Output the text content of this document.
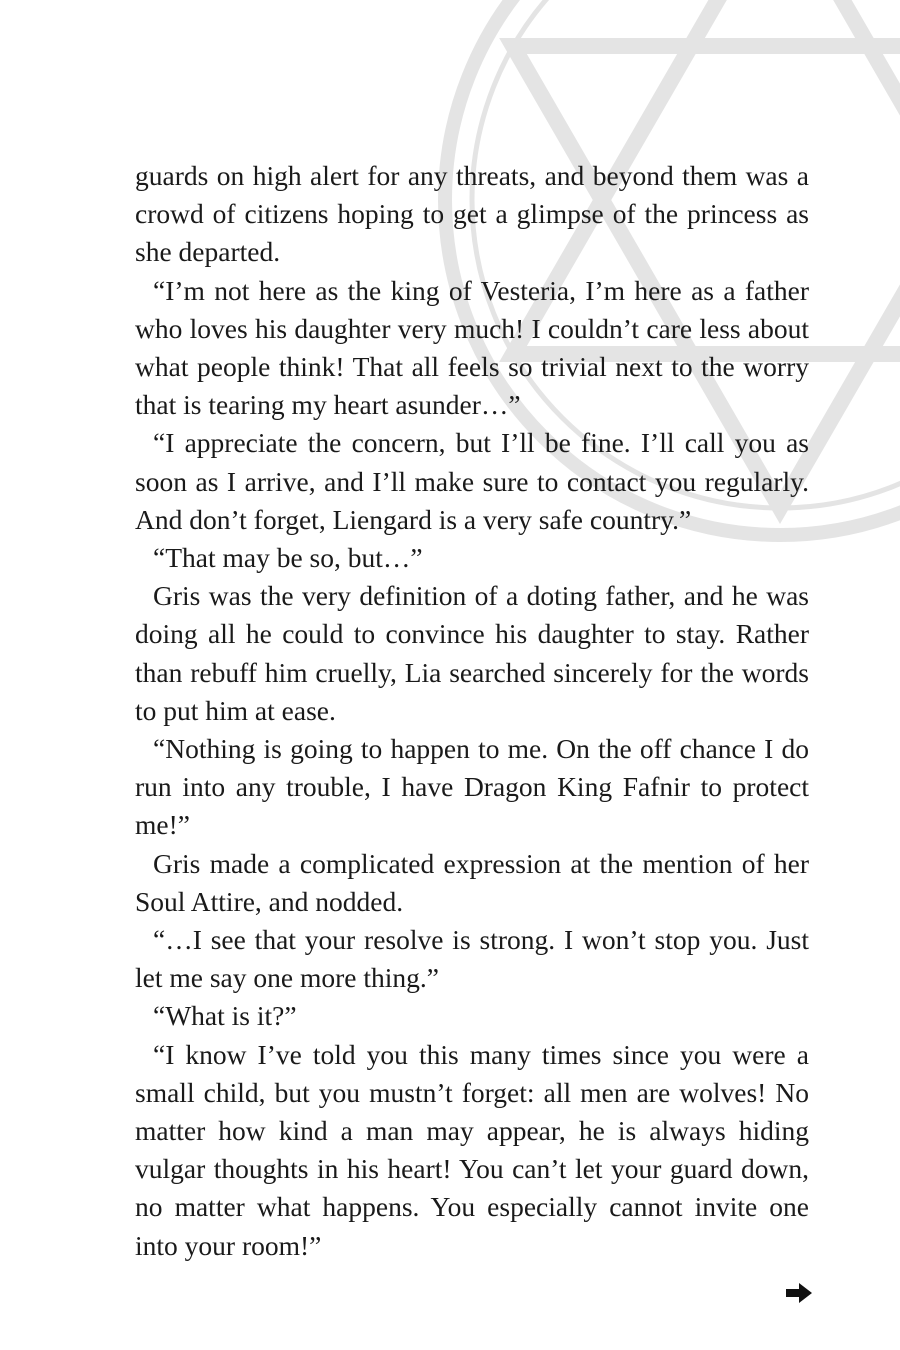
guards on high alert for any threats, and beyond them was a crowd of citizens hoping to get a glimpse of the princess as she departed.

“I’m not here as the king of Vesteria, I’m here as a father who loves his daughter very much! I couldn’t care less about what people think! That all feels so trivial next to the worry that is tearing my heart asunder…”

“I appreciate the concern, but I’ll be fine. I’ll call you as soon as I arrive, and I’ll make sure to contact you regularly. And don’t forget, Liengard is a very safe country.”

“That may be so, but…”

Gris was the very definition of a doting father, and he was doing all he could to convince his daughter to stay. Rather than rebuff him cruelly, Lia searched sincerely for the words to put him at ease.

“Nothing is going to happen to me. On the off chance I do run into any trouble, I have Dragon King Fafnir to protect me!”

Gris made a complicated expression at the mention of her Soul Attire, and nodded.

“…I see that your resolve is strong. I won’t stop you. Just let me say one more thing.”

“What is it?”

“I know I’ve told you this many times since you were a small child, but you mustn’t forget: all men are wolves! No matter how kind a man may appear, he is always hiding vulgar thoughts in his heart! You can’t let your guard down, no matter what happens. You especially cannot invite one into your room!”
